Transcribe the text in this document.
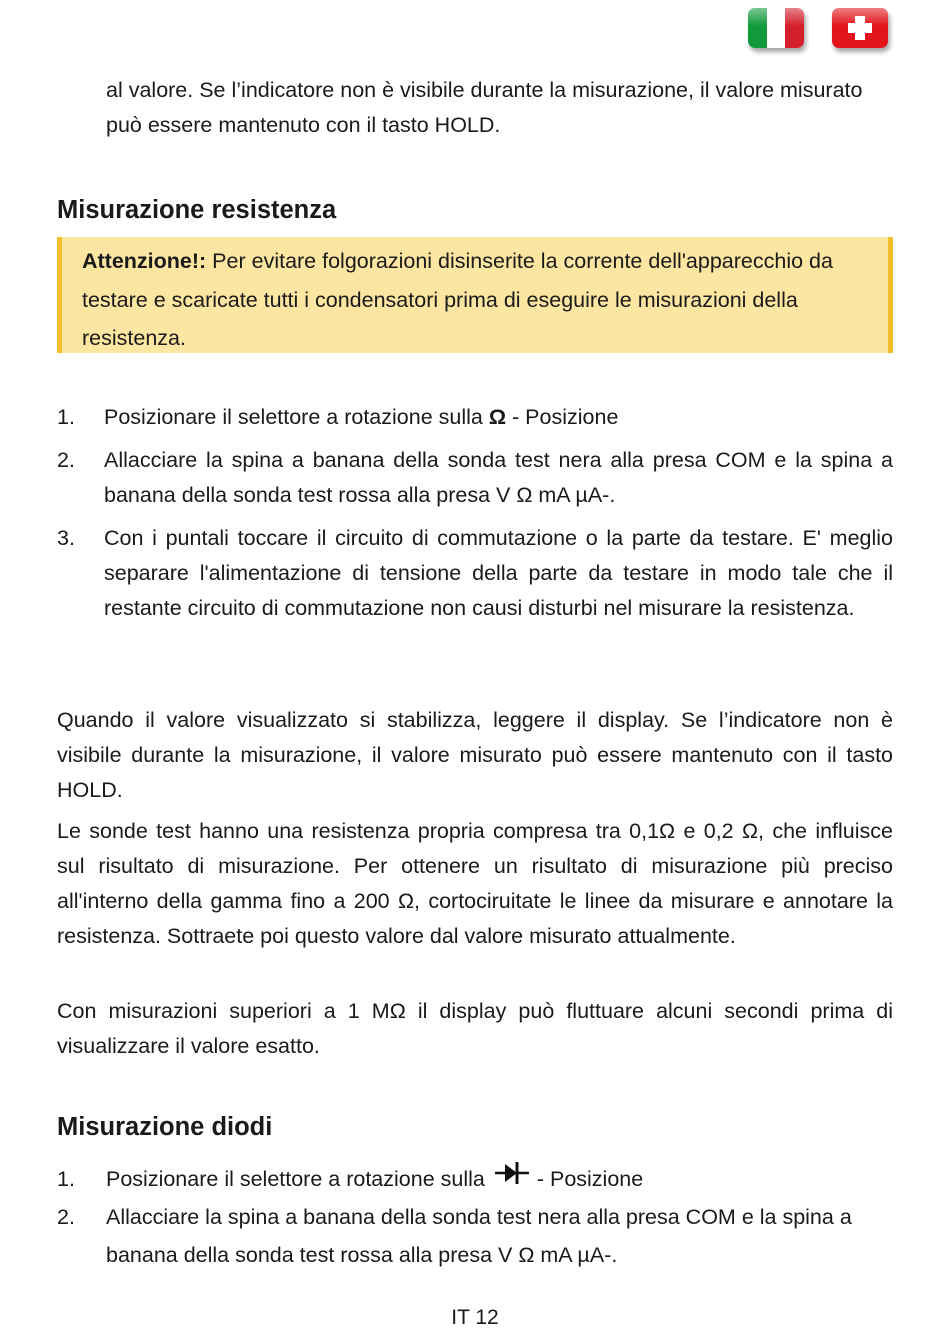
al valore. Se l’indicatore non è visibile durante la misurazione, il valore misurato può essere mantenuto con il tasto HOLD.

Misurazione resistenza
Attenzione!: Per evitare folgorazioni disinserite la corrente dell'apparecchio da testare e scaricate tutti i condensatori prima di eseguire le misurazioni della resistenza.
1.	Posizionare il selettore a rotazione sulla Ω - Posizione
2.	Allacciare la spina a banana della sonda test nera alla presa COM e la spina a banana della sonda test rossa alla presa V Ω mA µA-.
3.	Con i puntali toccare il circuito di commutazione o la parte da testare. E' meglio separare l'alimentazione di tensione della parte da testare in modo tale che il restante circuito di commutazione non causi disturbi nel misurare la resistenza.

Quando il valore visualizzato si stabilizza, leggere il display. Se l’indicatore non è visibile durante la misurazione, il valore misurato può essere mantenuto con il tasto HOLD.

Le sonde test hanno una resistenza propria compresa tra 0,1Ω e 0,2 Ω, che influisce sul risultato di misurazione. Per ottenere un risultato di misurazione più preciso all'interno della gamma fino a 200 Ω, cortociruitate le linee da misurare e annotare la resistenza. Sottraete poi questo valore dal valore misurato attualmente.

Con misurazioni superiori a 1 MΩ il display può fluttuare alcuni secondi prima di visualizzare il valore esatto.

Misurazione diodi
1.	Posizionare il selettore a rotazione sulla - Posizione
2.	Allacciare la spina a banana della sonda test nera alla presa COM e la spina a banana della sonda test rossa alla presa V Ω mA µA-.
IT 12
